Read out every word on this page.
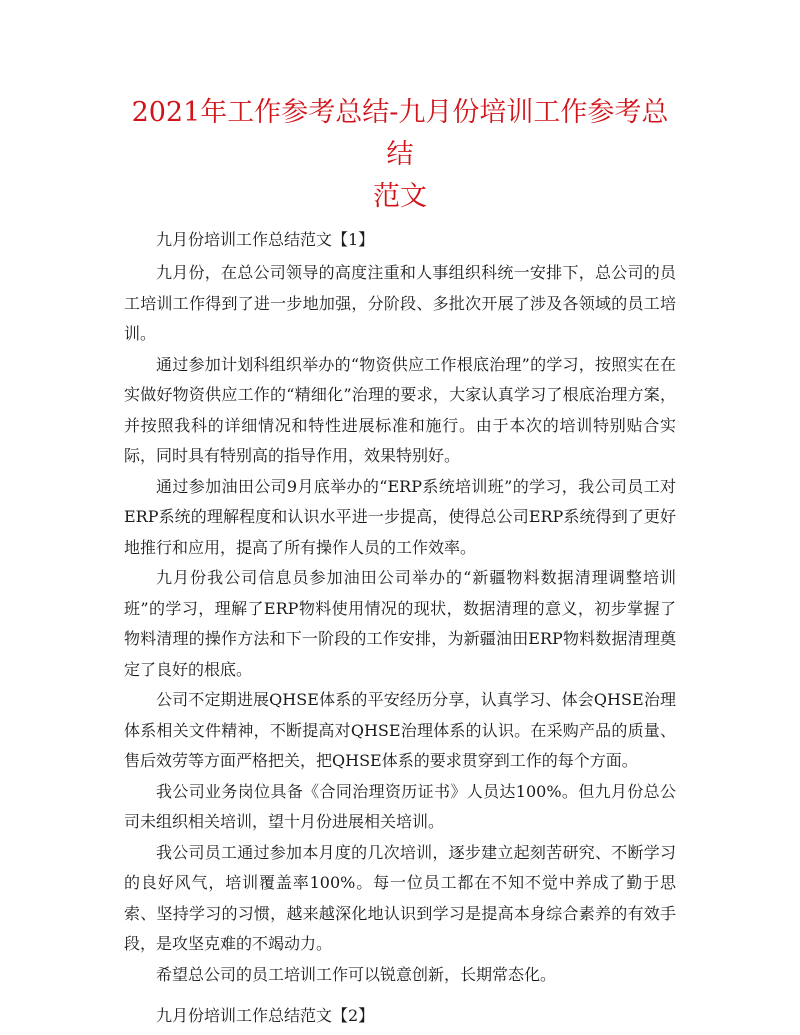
2021年工作参考总结-九月份培训工作参考总结
范文
九月份培训工作总结范文【1】

九月份，在总公司领导的高度注重和人事组织科统一安排下，总公司的员工培训工作得到了进一步地加强，分阶段、多批次开展了涉及各领域的员工培训。

通过参加计划科组织举办的“物资供应工作根底治理”的学习，按照实在在实做好物资供应工作的“精细化”治理的要求，大家认真学习了根底治理方案，并按照我科的详细情况和特性进展标准和施行。由于本次的培训特别贴合实际，同时具有特别高的指导作用，效果特别好。

通过参加油田公司9月底举办的“ERP系统培训班”的学习，我公司员工对ERP系统的理解程度和认识水平进一步提高，使得总公司ERP系统得到了更好地推行和应用，提高了所有操作人员的工作效率。

九月份我公司信息员参加油田公司举办的“新疆物料数据清理调整培训班”的学习，理解了ERP物料使用情况的现状，数据清理的意义，初步掌握了物料清理的操作方法和下一阶段的工作安排，为新疆油田ERP物料数据清理奠定了良好的根底。

公司不定期进展QHSE体系的平安经历分享，认真学习、体会QHSE治理体系相关文件精神，不断提高对QHSE治理体系的认识。在采购产品的质量、售后效劳等方面严格把关，把QHSE体系的要求贯穿到工作的每个方面。

我公司业务岗位具备《合同治理资历证书》人员达100%。但九月份总公司未组织相关培训，望十月份进展相关培训。

我公司员工通过参加本月度的几次培训，逐步建立起刻苦研究、不断学习的良好风气，培训覆盖率100%。每一位员工都在不知不觉中养成了勤于思索、坚持学习的习惯，越来越深化地认识到学习是提高本身综合素养的有效手段，是攻坚克难的不竭动力。

希望总公司的员工培训工作可以锐意创新，长期常态化。

九月份培训工作总结范文【2】
